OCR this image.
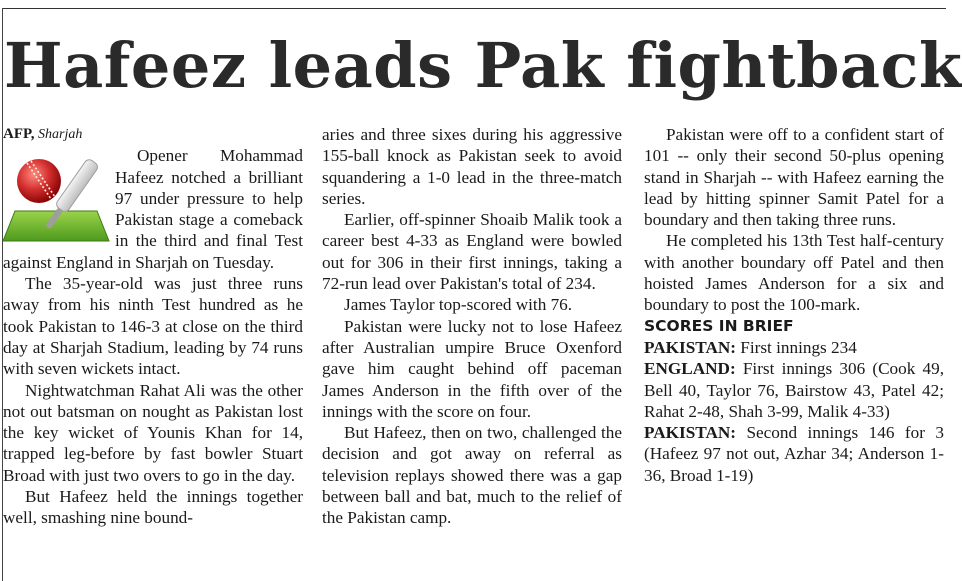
Hafeez leads Pak fightback

AFP, Sharjah

Opener Mohammad Hafeez notched a brilliant 97 under pressure to help Pakistan stage a comeback in the third and final Test against England in Sharjah on Tuesday.

The 35-year-old was just three runs away from his ninth Test hundred as he took Pakistan to 146-3 at close on the third day at Sharjah Stadium, leading by 74 runs with seven wickets intact.

Nightwatchman Rahat Ali was the other not out batsman on nought as Pakistan lost the key wicket of Younis Khan for 14, trapped leg-before by fast bowler Stuart Broad with just two overs to go in the day.

But Hafeez held the innings together well, smashing nine bound-

aries and three sixes during his aggressive 155-ball knock as Pakistan seek to avoid squandering a 1-0 lead in the three-match series.

Earlier, off-spinner Shoaib Malik took a career best 4-33 as England were bowled out for 306 in their first innings, taking a 72-run lead over Pakistan's total of 234.

James Taylor top-scored with 76.

Pakistan were lucky not to lose Hafeez after Australian umpire Bruce Oxenford gave him caught behind off paceman James Anderson in the fifth over of the innings with the score on four.

But Hafeez, then on two, challenged the decision and got away on referral as television replays showed there was a gap between ball and bat, much to the relief of the Pakistan camp.

Pakistan were off to a confident start of 101 -- only their second 50-plus opening stand in Sharjah -- with Hafeez earning the lead by hitting spinner Samit Patel for a boundary and then taking three runs.

He completed his 13th Test half-century with another boundary off Patel and then hoisted James Anderson for a six and boundary to post the 100-mark.

SCORES IN BRIEF

PAKISTAN: First innings 234

ENGLAND: First innings 306 (Cook 49, Bell 40, Taylor 76, Bairstow 43, Patel 42; Rahat 2-48, Shah 3-99, Malik 4-33)

PAKISTAN: Second innings 146 for 3 (Hafeez 97 not out, Azhar 34; Anderson 1-36, Broad 1-19)
